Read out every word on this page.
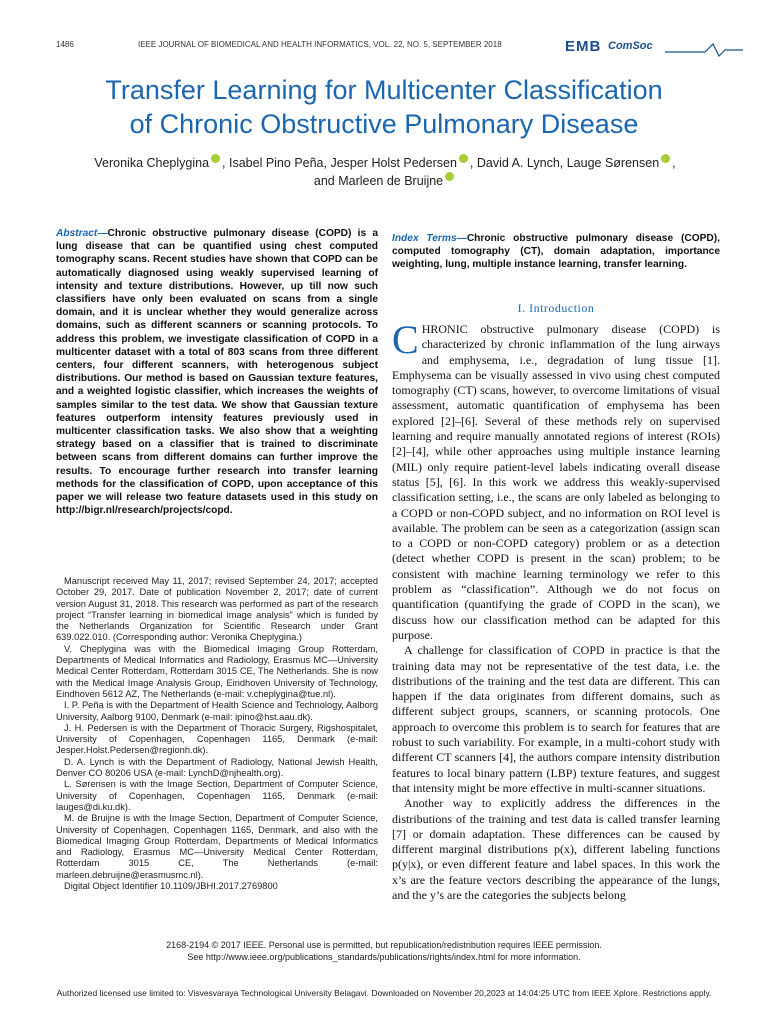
1486	IEEE JOURNAL OF BIOMEDICAL AND HEALTH INFORMATICS, VOL. 22, NO. 5, SEPTEMBER 2018	EMB ComSoc
Transfer Learning for Multicenter Classification
of Chronic Obstructive Pulmonary Disease
Veronika Cheplygina , Isabel Pino Peña, Jesper Holst Pedersen , David A. Lynch, Lauge Sørensen ,
and Marleen de Bruijne
Abstract—Chronic obstructive pulmonary disease (COPD) is a lung disease that can be quantified using chest computed tomography scans. Recent studies have shown that COPD can be automatically diagnosed using weakly supervised learning of intensity and texture distributions. However, up till now such classifiers have only been evaluated on scans from a single domain, and it is unclear whether they would generalize across domains, such as different scanners or scanning protocols. To address this problem, we investigate classification of COPD in a multicenter dataset with a total of 803 scans from three different centers, four different scanners, with heterogenous subject distributions. Our method is based on Gaussian texture features, and a weighted logistic classifier, which increases the weights of samples similar to the test data. We show that Gaussian texture features outperform intensity features previously used in multicenter classification tasks. We also show that a weighting strategy based on a classifier that is trained to discriminate between scans from different domains can further improve the results. To encourage further research into transfer learning methods for the classification of COPD, upon acceptance of this paper we will release two feature datasets used in this study on http://bigr.nl/research/projects/copd.
Index Terms—Chronic obstructive pulmonary disease (COPD), computed tomography (CT), domain adaptation, importance weighting, lung, multiple instance learning, transfer learning.
I. Introduction

CHRONIC obstructive pulmonary disease (COPD) is characterized by chronic inflammation of the lung airways and emphysema, i.e., degradation of lung tissue [1]. Emphysema can be visually assessed in vivo using chest computed tomography (CT) scans, however, to overcome limitations of visual assessment, automatic quantification of emphysema has been explored [2]–[6]. Several of these methods rely on supervised learning and require manually annotated regions of interest (ROIs) [2]–[4], while other approaches using multiple instance learning (MIL) only require patient-level labels indicating overall disease status [5], [6]. In this work we address this weakly-supervised classification setting, i.e., the scans are only labeled as belonging to a COPD or non-COPD subject, and no information on ROI level is available. The problem can be seen as a categorization (assign scan to a COPD or non-COPD category) problem or as a detection (detect whether COPD is present in the scan) problem; to be consistent with machine learning terminology we refer to this problem as “classification”. Although we do not focus on quantification (quantifying the grade of COPD in the scan), we discuss how our classification method can be adapted for this purpose.

A challenge for classification of COPD in practice is that the training data may not be representative of the test data, i.e. the distributions of the training and the test data are different. This can happen if the data originates from different domains, such as different subject groups, scanners, or scanning protocols. One approach to overcome this problem is to search for features that are robust to such variability. For example, in a multi-cohort study with different CT scanners [4], the authors compare intensity distribution features to local binary pattern (LBP) texture features, and suggest that intensity might be more effective in multi-scanner situations.

Another way to explicitly address the differences in the distributions of the training and test data is called transfer learning [7] or domain adaptation. These differences can be caused by different marginal distributions p(x), different labeling functions p(y|x), or even different feature and label spaces. In this work the x’s are the feature vectors describing the appearance of the lungs, and the y’s are the categories the subjects belong

Manuscript received May 11, 2017; revised September 24, 2017; accepted October 29, 2017. Date of publication November 2, 2017; date of current version August 31, 2018. This research was performed as part of the research project “Transfer learning in biomedical image analysis” which is funded by the Netherlands Organization for Scientific Research under Grant 639.022.010. (Corresponding author: Veronika Cheplygina.)

V. Cheplygina was with the Biomedical Imaging Group Rotterdam, Departments of Medical Informatics and Radiology, Erasmus MC—University Medical Center Rotterdam, Rotterdam 3015 CE, The Netherlands. She is now with the Medical Image Analysis Group, Eindhoven University of Technology, Eindhoven 5612 AZ, The Netherlands (e-mail: v.cheplygina@tue.nl).

I. P. Peña is with the Department of Health Science and Technology, Aalborg University, Aalborg 9100, Denmark (e-mail: ipino@hst.aau.dk).

J. H. Pedersen is with the Department of Thoracic Surgery, Rigshospitalet, University of Copenhagen, Copenhagen 1165, Denmark (e-mail: Jesper.Holst.Pedersen@regionh.dk).

D. A. Lynch is with the Department of Radiology, National Jewish Health, Denver CO 80206 USA (e-mail: LynchD@njhealth.org).

L. Sørensen is with the Image Section, Department of Computer Science, University of Copenhagen, Copenhagen 1165, Denmark (e-mail: lauges@di.ku.dk).

M. de Bruijne is with the Image Section, Department of Computer Science, University of Copenhagen, Copenhagen 1165, Denmark, and also with the Biomedical Imaging Group Rotterdam, Departments of Medical Informatics and Radiology, Erasmus MC—University Medical Center Rotterdam, Rotterdam 3015 CE, The Netherlands (e-mail: marleen.debruijne@erasmusmc.nl).

Digital Object Identifier 10.1109/JBHI.2017.2769800

2168-2194 © 2017 IEEE. Personal use is permitted, but republication/redistribution requires IEEE permission.
See http://www.ieee.org/publications_standards/publications/rights/index.html for more information.
Authorized licensed use limited to: Visvesvaraya Technological University Belagavi. Downloaded on November 20,2023 at 14:04:25 UTC from IEEE Xplore. Restrictions apply.
